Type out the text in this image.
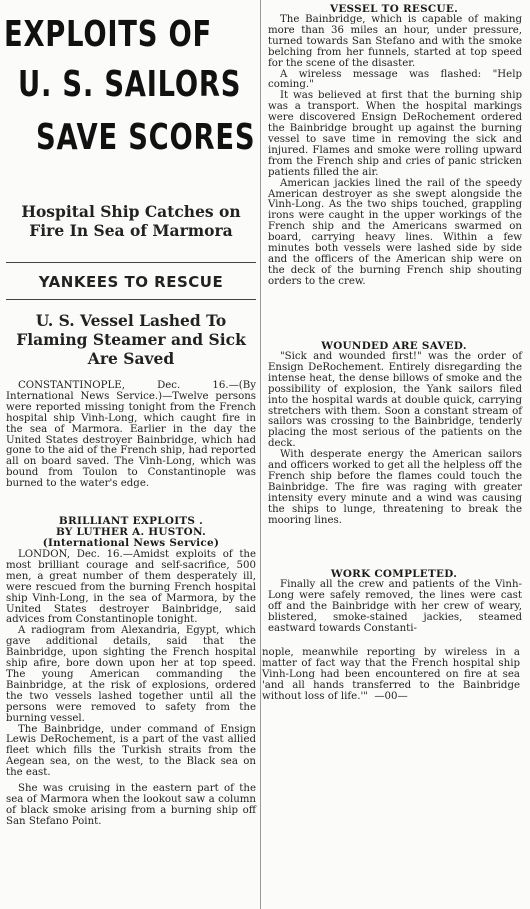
EXPLOITS OF
U. S. SAILORS
SAVE SCORES
Hospital Ship Catches on Fire In Sea of Marmora
YANKEES TO RESCUE
U. S. Vessel Lashed To Flaming Steamer and Sick Are Saved

CONSTANTINOPLE, Dec. 16.—(By International News Service.)—Twelve persons were reported missing tonight from the French hospital ship Vinh-Long, which caught fire in the sea of Marmora. Earlier in the day the United States destroyer Bainbridge, which had gone to the aid of the French ship, had reported all on board saved. The Vinh-Long, which was bound from Toulon to Constantinople was burned to the water's edge.

BRILLIANT EXPLOITS .
BY LUTHER A. HUSTON.
(International News Service)

LONDON, Dec. 16.—Amidst exploits of the most brilliant courage and self-sacrifice, 500 men, a great number of them desperately ill, were rescued from the burning French hospital ship Vinh-Long, in the sea of Marmora, by the United States destroyer Bainbridge, said advices from Constantinople tonight.

A radiogram from Alexandria, Egypt, which gave additional details, said that the Bainbridge, upon sighting the French hospital ship afire, bore down upon her at top speed. The young American commanding the Bainbridge, at the risk of explosions, ordered the two vessels lashed together until all the persons were removed to safety from the burning vessel.

The Bainbridge, under command of Ensign Lewis DeRochement, is a part of the vast allied fleet which fills the Turkish straits from the Aegean sea, on the west, to the Black sea on the east.

She was cruising in the eastern part of the sea of Marmora when the lookout saw a column of black smoke arising from a burning ship off San Stefano Point.

VESSEL TO RESCUE.

The Bainbridge, which is capable of making more than 36 miles an hour, under pressure, turned towards San Stefano and with the smoke belching from her funnels, started at top speed for the scene of the disaster.

A wireless message was flashed: "Help coming."

It was believed at first that the burning ship was a transport. When the hospital markings were discovered Ensign DeRochement ordered the Bainbridge brought up against the burning vessel to save time in removing the sick and injured. Flames and smoke were rolling upward from the French ship and cries of panic stricken patients filled the air.

American jackies lined the rail of the speedy American destroyer as she swept alongside the Vinh-Long. As the two ships touched, grappling irons were caught in the upper workings of the French ship and the Americans swarmed on board, carrying heavy lines. Within a few minutes both vessels were lashed side by side and the officers of the American ship were on the deck of the burning French ship shouting orders to the crew.

WOUNDED ARE SAVED.

"Sick and wounded first!" was the order of Ensign DeRochement. Entirely disregarding the intense heat, the dense billows of smoke and the possibility of explosion, the Yank sailors filed into the hospital wards at double quick, carrying stretchers with them. Soon a constant stream of sailors was crossing to the Bainbridge, tenderly placing the most serious of the patients on the deck.

With desperate energy the American sailors and officers worked to get all the helpless off the French ship before the flames could touch the Bainbridge. The fire was raging with greater intensity every minute and a wind was causing the ships to lunge, threatening to break the mooring lines.

WORK COMPLETED.

Finally all the crew and patients of the Vinh-Long were safely removed, the lines were cast off and the Bainbridge with her crew of weary, blistered, smoke-stained jackies, steamed eastward towards Constanti-

nople, meanwhile reporting by wireless in a matter of fact way that the French hospital ship Vinh-Long had been encountered on fire at sea 'and all hands transferred to the Bainbridge without loss of life.'" —00—
